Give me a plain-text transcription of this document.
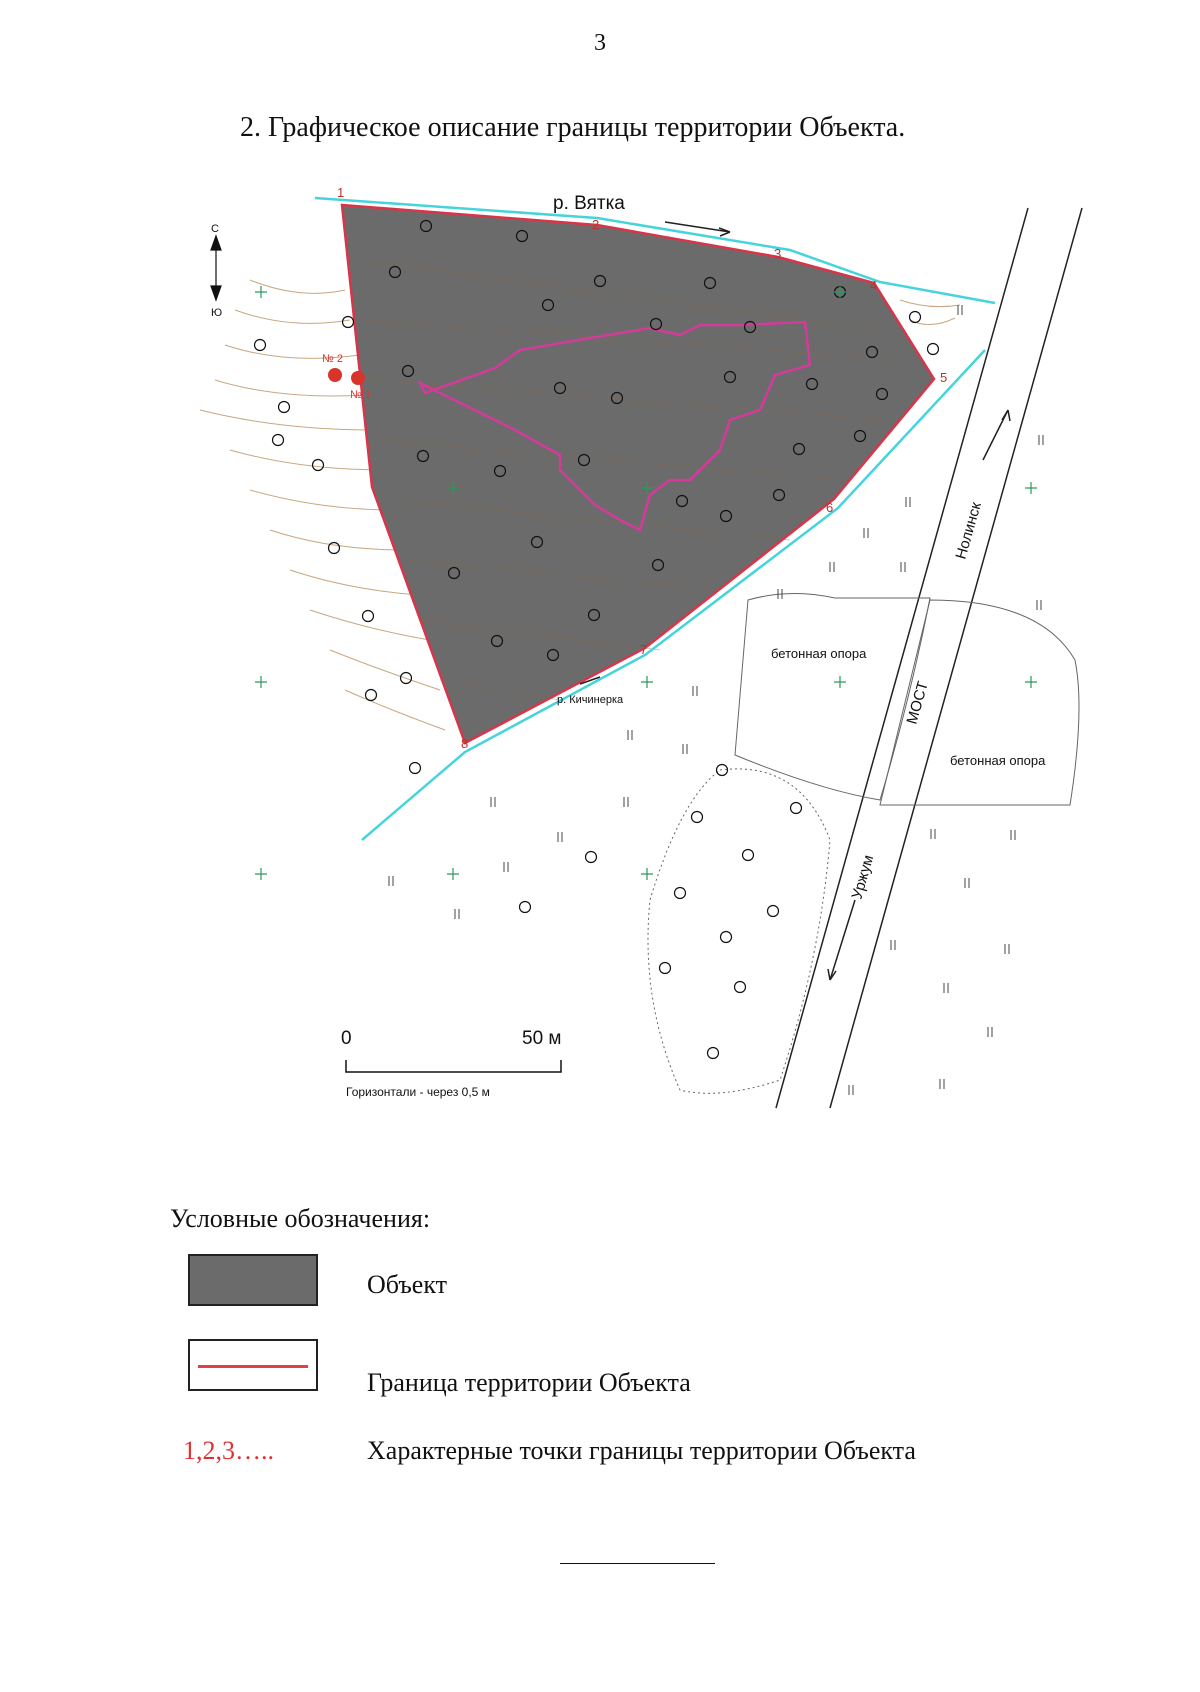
3
2. Графическое описание границы территории Объекта.
р. Вятка
р. Кичинерка
С
Ю
№ 2
№ 1
1
2
3
4
5
6
7
8
Нолинск
МОСТ
Уржум
бетонная опора
бетонная опора
0	50 м
Горизонтали - через 0,5 м
Условные обозначения:
Объект
Граница территории Объекта
1,2,3…..	Характерные точки границы территории Объекта
